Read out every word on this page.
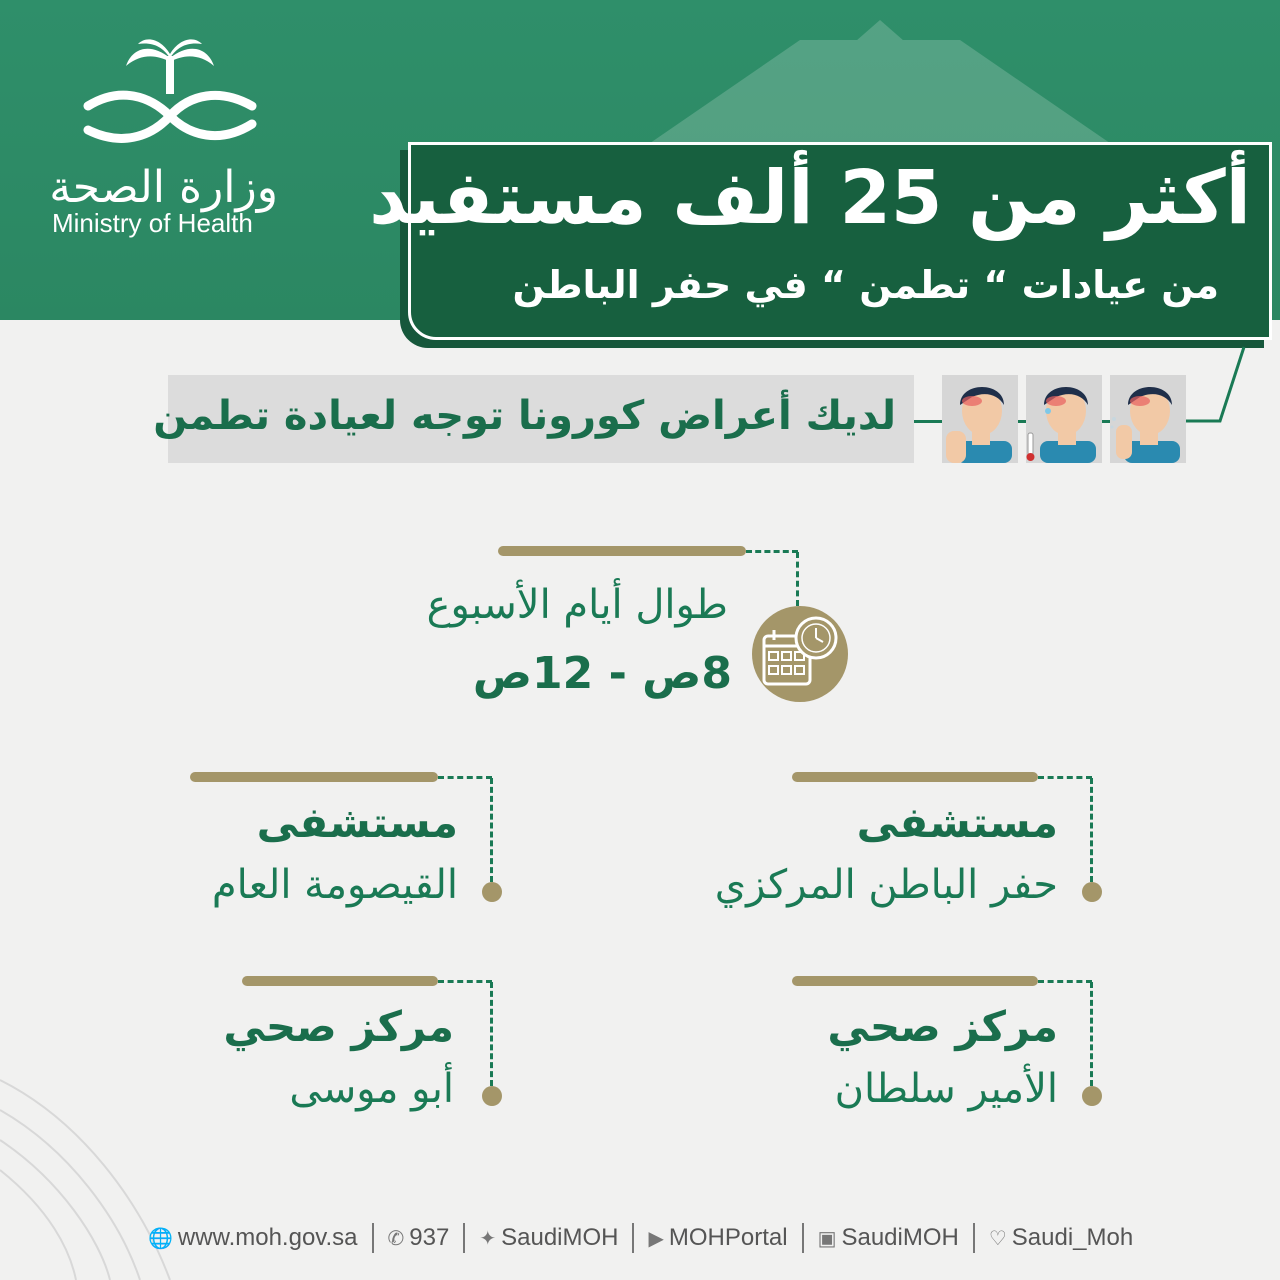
وزارة الصحة
Ministry of Health أكثر من 25 ألف مستفيد
من عيادات “ تطمن “ في حفر الباطن
لديك أعراض كورونا توجه لعيادة تطمن
طوال أيام الأسبوع
8ص - 12ص
مستشفى
حفر الباطن المركزي
مستشفى
القيصومة العام
مركز صحي
الأمير سلطان
مركز صحي
أبو موسى
🌐 www.moh.gov.sa ✆ 937 ✦ SaudiMOH ▶ MOHPortal ▣ SaudiMOH ♡ Saudi_Moh
